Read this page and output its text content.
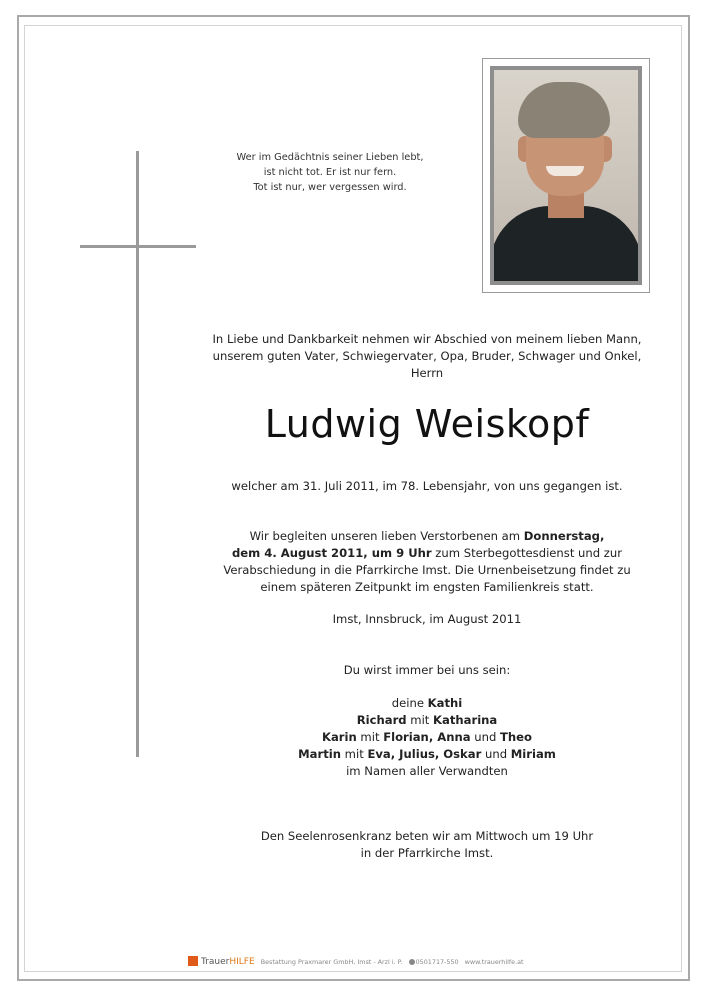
Wer im Gedächtnis seiner Lieben lebt,
ist nicht tot. Er ist nur fern.
Tot ist nur, wer vergessen wird.
In Liebe und Dankbarkeit nehmen wir Abschied von meinem lieben Mann,
unserem guten Vater, Schwiegervater, Opa, Bruder, Schwager und Onkel,
Herrn
Ludwig Weiskopf
welcher am 31. Juli 2011, im 78. Lebensjahr, von uns gegangen ist.
Wir begleiten unseren lieben Verstorbenen am Donnerstag,
dem 4. August 2011, um 9 Uhr zum Sterbegottesdienst und zur
Verabschiedung in die Pfarrkirche Imst. Die Urnenbeisetzung findet zu
einem späteren Zeitpunkt im engsten Familienkreis statt.
Imst, Innsbruck, im August 2011
Du wirst immer bei uns sein:
deine Kathi
Richard mit Katharina
Karin mit Florian, Anna und Theo
Martin mit Eva, Julius, Oskar und Miriam
im Namen aller Verwandten
Den Seelenrosenkranz beten wir am Mittwoch um 19 Uhr
in der Pfarrkirche Imst.
TrauerHILFE Bestattung Praxmarer GmbH, Imst - Arzl i. P. 0501717-550 www.trauerhilfe.at
